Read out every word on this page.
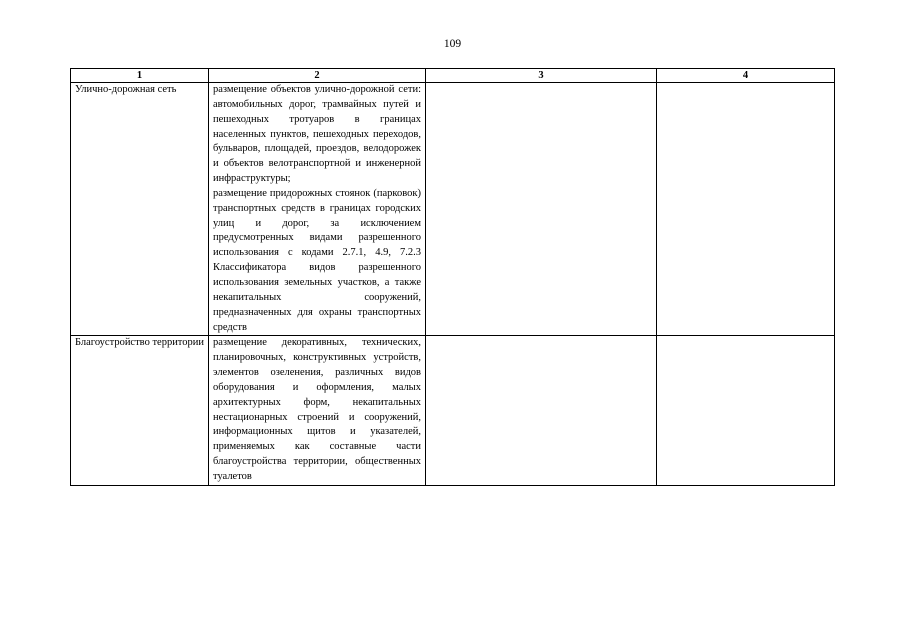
109
1	2	3	4
Улично-дорожная сеть	размещение объектов улично-дорожной сети: автомобильных дорог, трамвайных путей и пешеходных тротуаров в границах населенных пунктов, пешеходных переходов, бульваров, площадей, проездов, велодорожек и объектов велотранспортной и инженерной инфраструктуры;
размещение придорожных стоянок (парковок) транспортных средств в границах городских улиц и дорог, за исключением предусмотренных видами разрешенного использования с кодами 2.7.1, 4.9, 7.2.3 Классификатора видов разрешенного использования земельных участков, а также некапитальных сооружений, предназначенных для охраны транспортных средств		

Благоустройство территории	размещение декоративных, технических, планировочных, конструктивных устройств, элементов озеленения, различных видов оборудования и оформления, малых архитектурных форм, некапитальных нестационарных строений и сооружений, информационных щитов и указателей, применяемых как составные части благоустройства территории, общественных туалетов		
